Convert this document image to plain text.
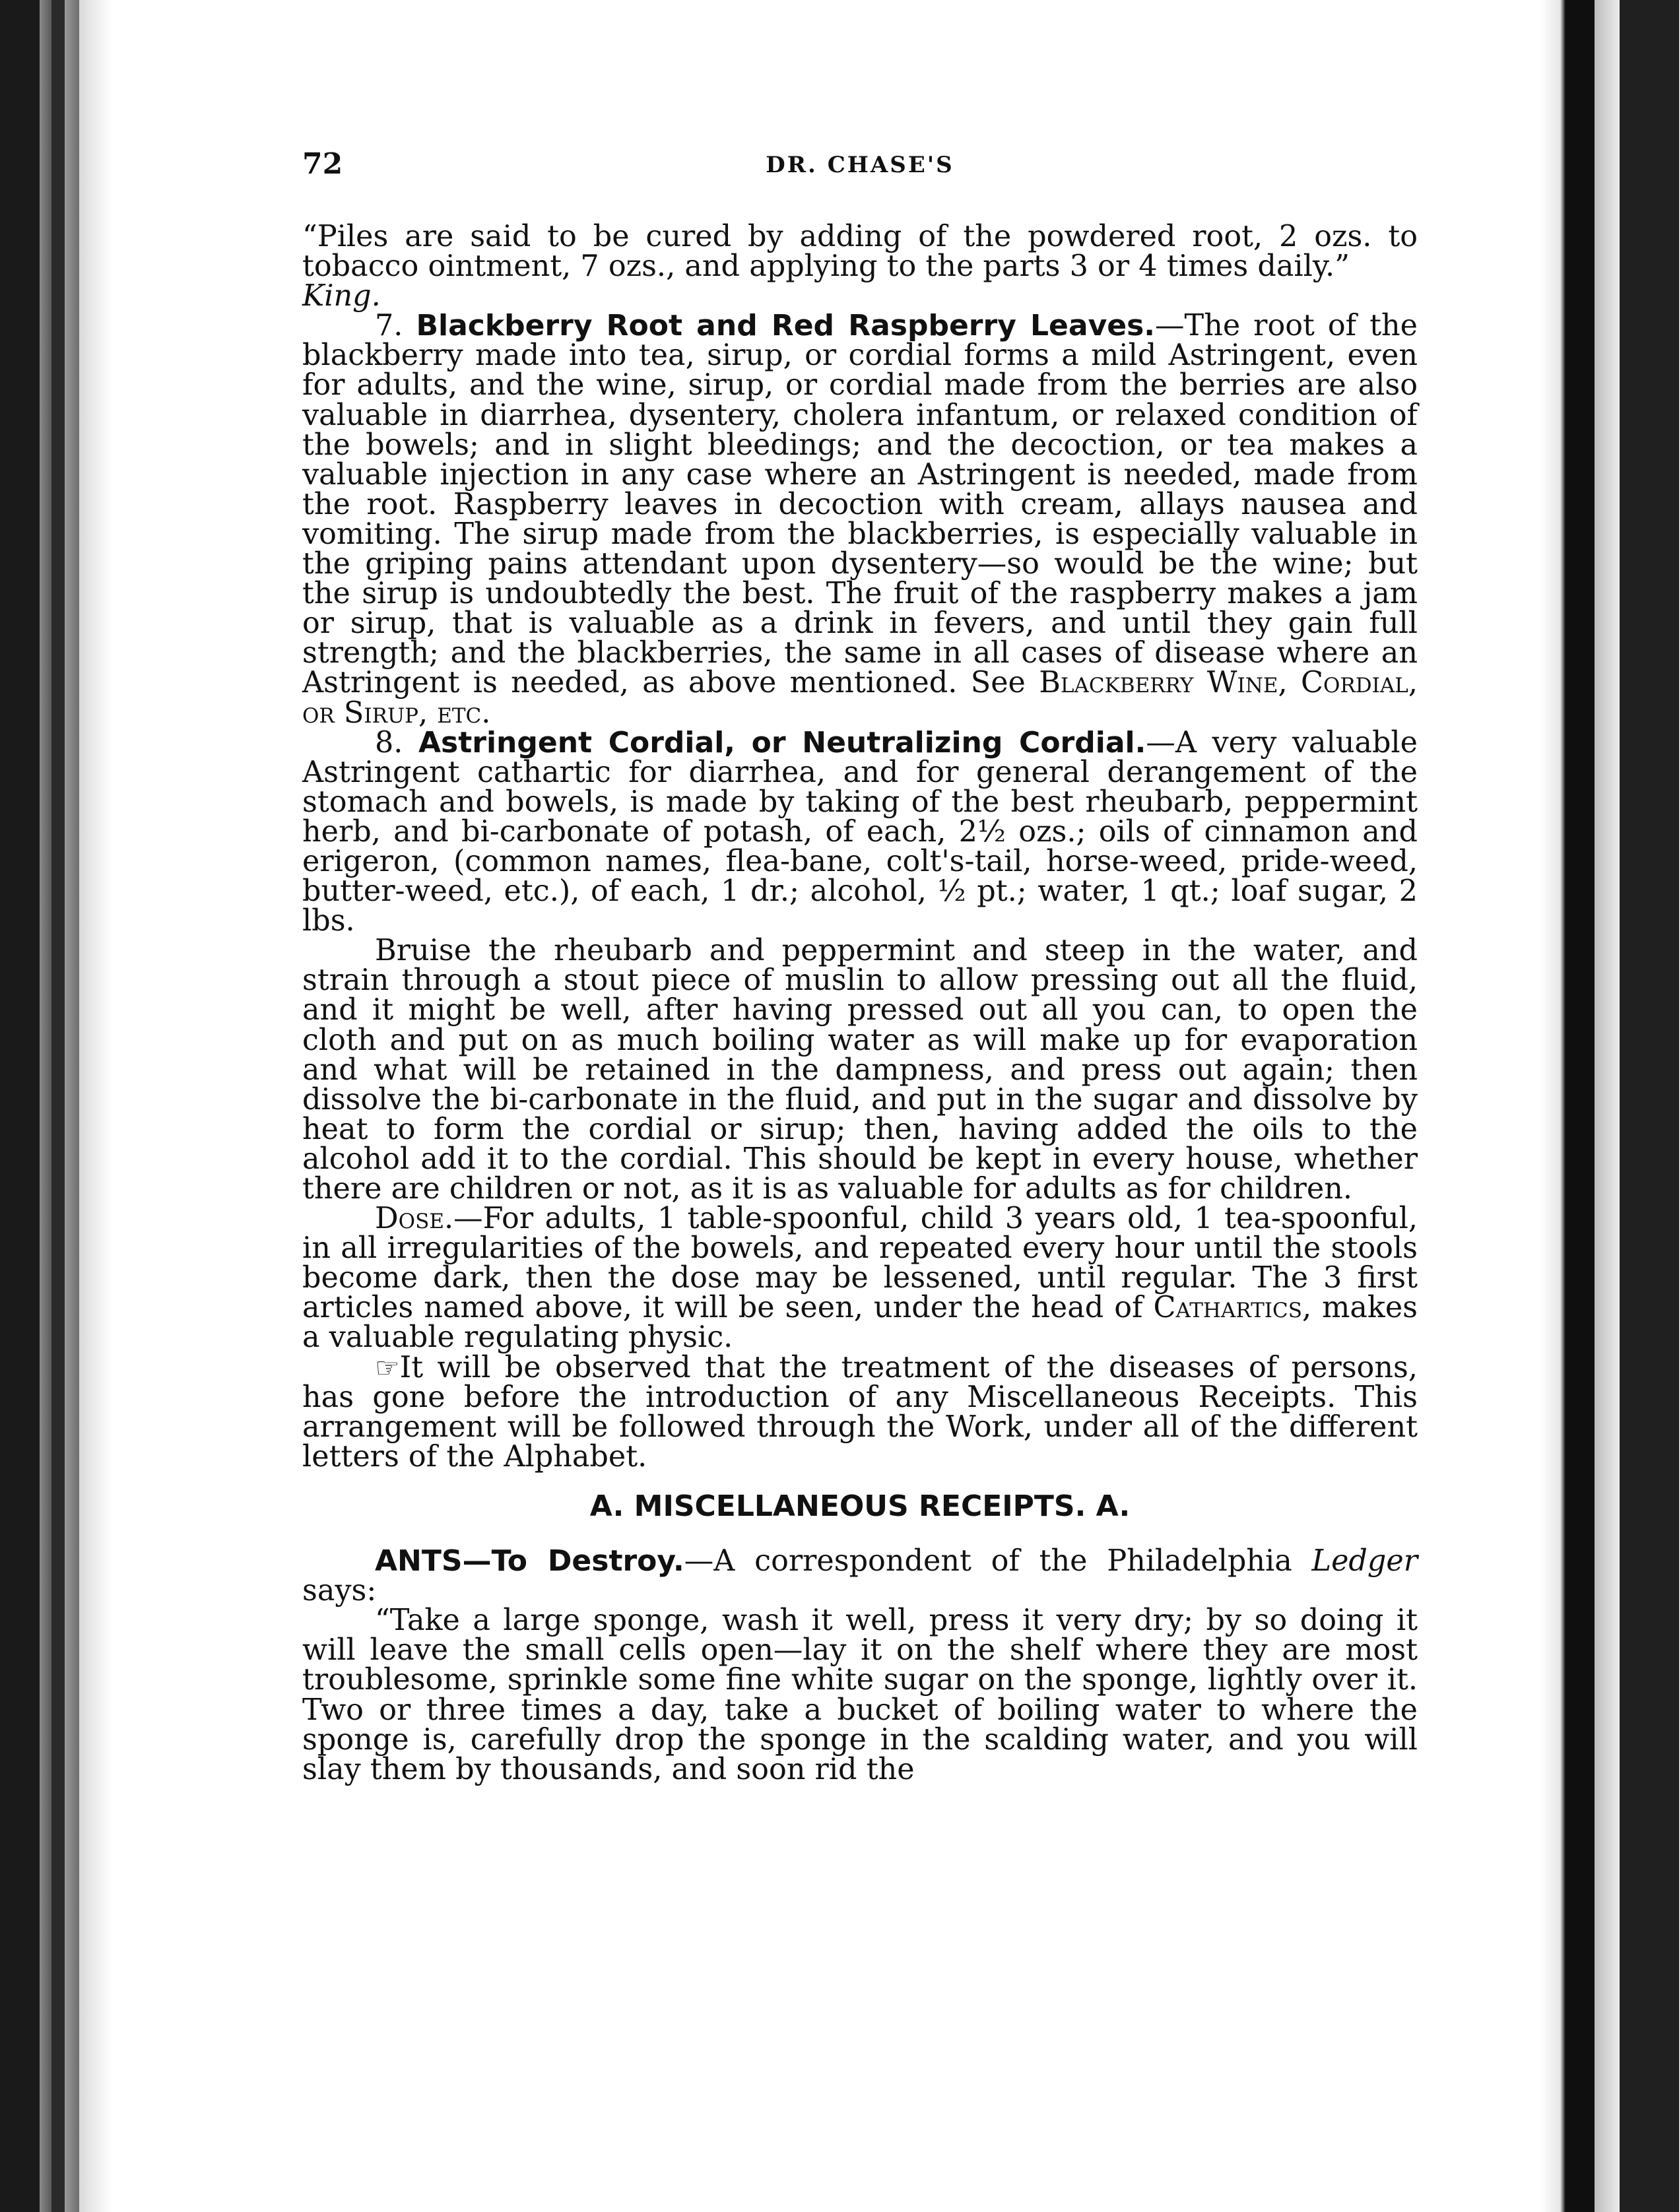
72	DR. CHASE'S

“Piles are said to be cured by adding of the powdered root, 2 ozs. to tobacco ointment, 7 ozs., and applying to the parts 3 or 4 times daily.”
King.

7. Blackberry Root and Red Raspberry Leaves.—The root of the blackberry made into tea, sirup, or cordial forms a mild Astringent, even for adults, and the wine, sirup, or cordial made from the berries are also valuable in diarrhea, dysentery, cholera infantum, or relaxed condition of the bowels; and in slight bleedings; and the decoction, or tea makes a valuable injection in any case where an Astringent is needed, made from the root. Raspberry leaves in decoction with cream, allays nausea and vomiting. The sirup made from the blackberries, is especially valuable in the griping pains attendant upon dysentery—so would be the wine; but the sirup is undoubtedly the best. The fruit of the raspberry makes a jam or sirup, that is valuable as a drink in fevers, and until they gain full strength; and the blackberries, the same in all cases of disease where an Astringent is needed, as above mentioned. See Blackberry Wine, Cordial, or Sirup, etc.

8. Astringent Cordial, or Neutralizing Cordial.—A very valuable Astringent cathartic for diarrhea, and for general derangement of the stomach and bowels, is made by taking of the best rheubarb, peppermint herb, and bi-carbonate of potash, of each, 2½ ozs.; oils of cinnamon and erigeron, (common names, flea-bane, colt's-tail, horse-weed, pride-weed, butter-weed, etc.), of each, 1 dr.; alcohol, ½ pt.; water, 1 qt.; loaf sugar, 2 lbs.

Bruise the rheubarb and peppermint and steep in the water, and strain through a stout piece of muslin to allow pressing out all the fluid, and it might be well, after having pressed out all you can, to open the cloth and put on as much boiling water as will make up for evaporation and what will be retained in the dampness, and press out again; then dissolve the bi-carbonate in the fluid, and put in the sugar and dissolve by heat to form the cordial or sirup; then, having added the oils to the alcohol add it to the cordial. This should be kept in every house, whether there are children or not, as it is as valuable for adults as for children.

Dose.—For adults, 1 table-spoonful, child 3 years old, 1 tea-spoonful, in all irregularities of the bowels, and repeated every hour until the stools become dark, then the dose may be lessened, until regular. The 3 first articles named above, it will be seen, under the head of Cathartics, makes a valuable regulating physic.

☞It will be observed that the treatment of the diseases of persons, has gone before the introduction of any Miscellaneous Receipts. This arrangement will be followed through the Work, under all of the different letters of the Alphabet.

A. MISCELLANEOUS RECEIPTS. A.

ANTS—To Destroy.—A correspondent of the Philadelphia Ledger says:

“Take a large sponge, wash it well, press it very dry; by so doing it will leave the small cells open—lay it on the shelf where they are most troublesome, sprinkle some fine white sugar on the sponge, lightly over it. Two or three times a day, take a bucket of boiling water to where the sponge is, carefully drop the sponge in the scalding water, and you will slay them by thousands, and soon rid the
